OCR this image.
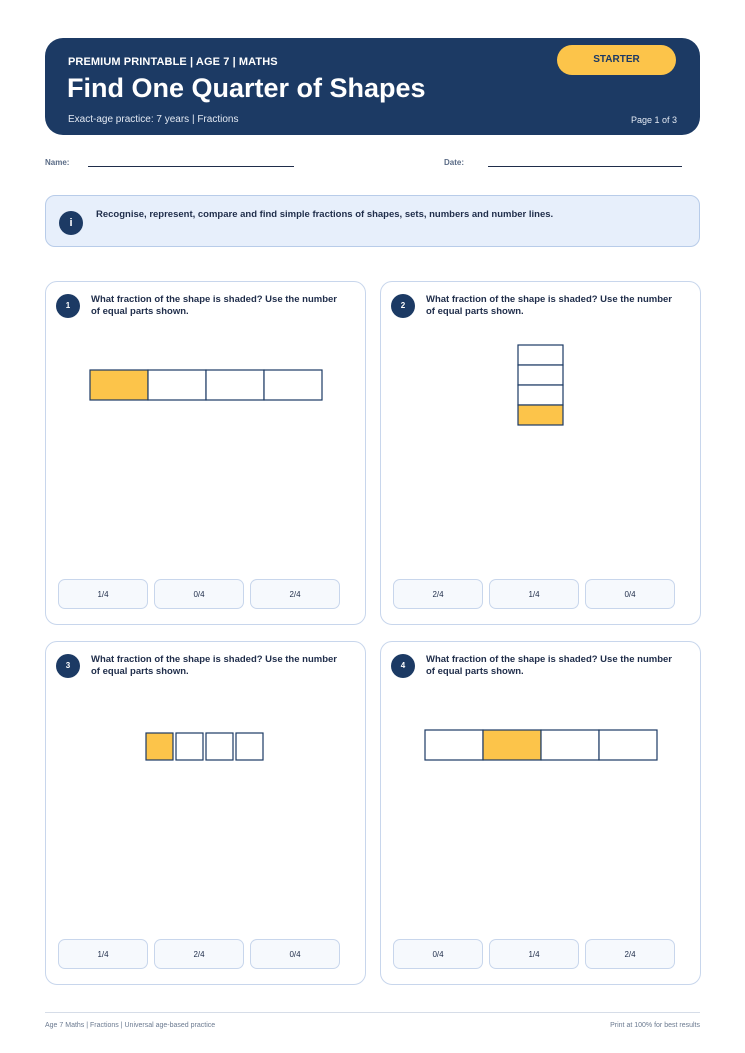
PREMIUM PRINTABLE | AGE 7 | MATHS
Find One Quarter of Shapes
Exact-age practice: 7 years | Fractions	Page 1 of 3
STARTER
Name:	Date:
i
Recognise, represent, compare and find simple fractions of shapes, sets, numbers and number lines.
1
What fraction of the shape is shaded? Use the number of equal parts shown.
1/4	0/4	2/4
2
What fraction of the shape is shaded? Use the number of equal parts shown.
2/4	1/4	0/4
3
What fraction of the shape is shaded? Use the number of equal parts shown.
1/4	2/4	0/4
4
What fraction of the shape is shaded? Use the number of equal parts shown.
0/4	1/4	2/4
Age 7 Maths | Fractions | Universal age-based practice	Print at 100% for best results
